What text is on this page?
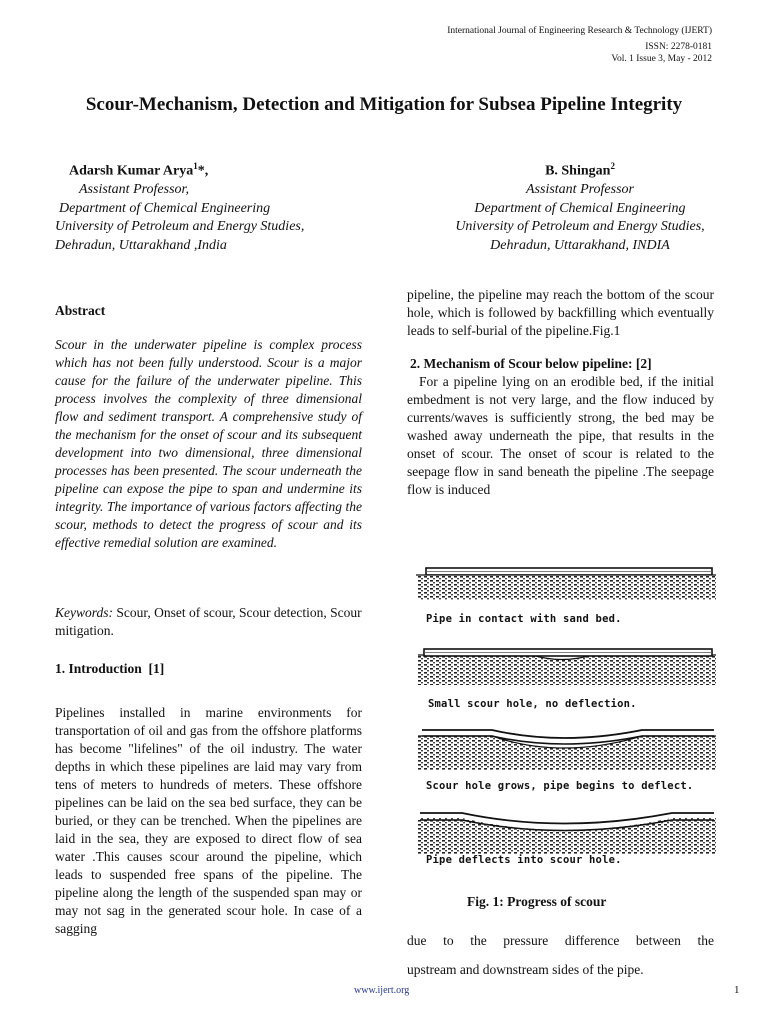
International Journal of Engineering Research & Technology (IJERT)
ISSN: 2278-0181
Vol. 1 Issue 3, May - 2012
Scour-Mechanism, Detection and Mitigation for Subsea Pipeline Integrity
Adarsh Kumar Arya$^1$*,
Assistant Professor,
Department of Chemical Engineering
University of Petroleum and Energy Studies,
Dehradun, Uttarakhand ,India
B. Shingan$^2$
Assistant Professor
Department of Chemical Engineering
University of Petroleum and Energy Studies,
Dehradun, Uttarakhand, INDIA
Abstract
Scour in the underwater pipeline is complex process which has not been fully understood. Scour is a major cause for the failure of the underwater pipeline. This process involves the complexity of three dimensional flow and sediment transport. A comprehensive study of the mechanism for the onset of scour and its subsequent development into two dimensional, three dimensional processes has been presented. The scour underneath the pipeline can expose the pipe to span and undermine its integrity. The importance of various factors affecting the scour, methods to detect the progress of scour and its effective remedial solution are examined.
Keywords: Scour, Onset of scour, Scour detection, Scour mitigation.
1. Introduction  [1]
Pipelines installed in marine environments for transportation of oil and gas from the offshore platforms has become "lifelines" of the oil industry. The water depths in which these pipelines are laid may vary from tens of meters to hundreds of meters. These offshore pipelines can be laid on the sea bed surface, they can be buried, or they can be trenched. When the pipelines are laid in the sea, they are exposed to direct flow of sea water .This causes scour around the pipeline, which leads to suspended free spans of the pipeline. The pipeline along the length of the suspended span may or may not sag in the generated scour hole. In case of a sagging
pipeline, the pipeline may reach the bottom of the scour hole, which is followed by backfilling which eventually leads to self-burial of the pipeline.Fig.1
2. Mechanism of Scour below pipeline: [2]
For a pipeline lying on an erodible bed, if the initial embedment is not very large, and the flow induced by currents/waves is sufficiently strong, the bed may be washed away underneath the pipe, that results in the onset of scour. The onset of scour is related to the seepage flow in sand beneath the pipeline .The seepage flow is induced
Pipe in contact with sand bed.
Small scour hole, no deflection.
Scour hole grows, pipe begins to deflect.
Pipe deflects into scour hole.
Fig. 1: Progress of scour
due to the pressure difference between the
upstream and downstream sides of the pipe.
www.ijert.org	1
